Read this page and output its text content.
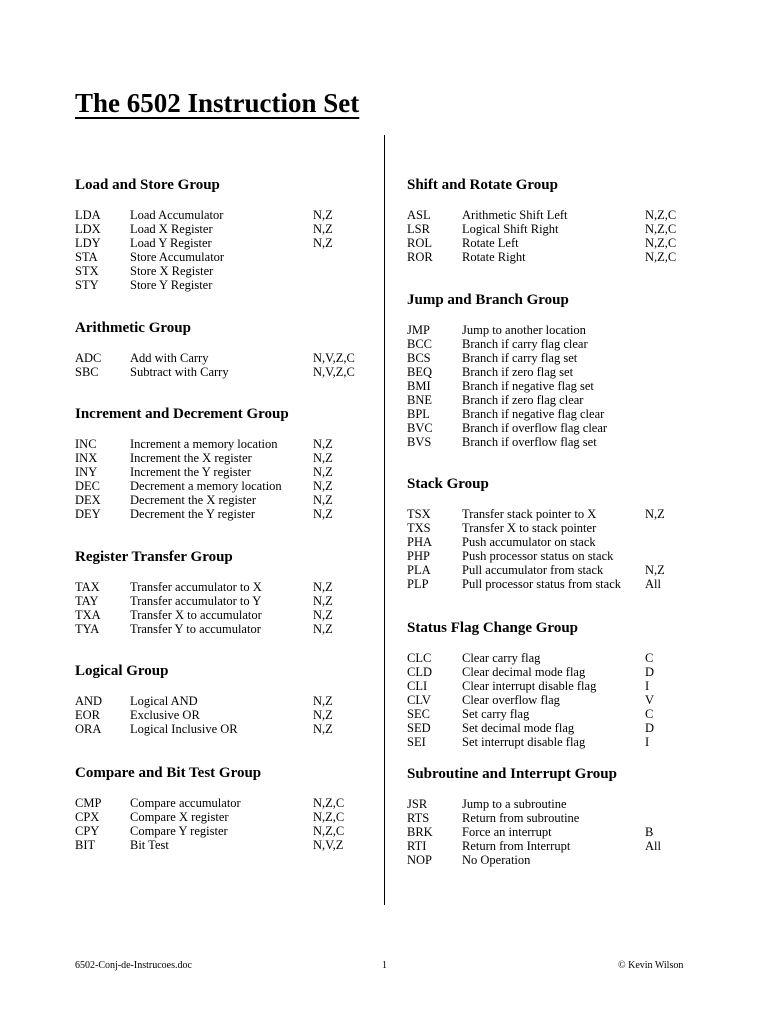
The 6502 Instruction Set
Load and Store Group
LDA	Load Accumulator	N,Z
LDX	Load X Register	N,Z
LDY	Load Y Register	N,Z
STA	Store Accumulator
STX	Store X Register
STY	Store Y Register
Arithmetic Group
ADC	Add with Carry	N,V,Z,C
SBC	Subtract with Carry	N,V,Z,C
Increment and Decrement Group
INC	Increment a memory location	N,Z
INX	Increment the X register	N,Z
INY	Increment the Y register	N,Z
DEC	Decrement a memory location	N,Z
DEX	Decrement the X register	N,Z
DEY	Decrement the Y register	N,Z
Register Transfer Group
TAX	Transfer accumulator to X	N,Z
TAY	Transfer accumulator to Y	N,Z
TXA	Transfer X to accumulator	N,Z
TYA	Transfer Y to accumulator	N,Z
Logical Group
AND	Logical AND	N,Z
EOR	Exclusive OR	N,Z
ORA	Logical Inclusive OR	N,Z
Compare and Bit Test Group
CMP	Compare accumulator	N,Z,C
CPX	Compare X register	N,Z,C
CPY	Compare Y register	N,Z,C
BIT	Bit Test	N,V,Z
Shift and Rotate Group
ASL	Arithmetic Shift Left	N,Z,C
LSR	Logical Shift Right	N,Z,C
ROL	Rotate Left	N,Z,C
ROR	Rotate Right	N,Z,C
Jump and Branch Group
JMP	Jump to another location
BCC	Branch if carry flag clear
BCS	Branch if carry flag set
BEQ	Branch if zero flag set
BMI	Branch if negative flag set
BNE	Branch if zero flag clear
BPL	Branch if negative flag clear
BVC	Branch if overflow flag clear
BVS	Branch if overflow flag set
Stack Group
TSX	Transfer stack pointer to X	N,Z
TXS	Transfer X to stack pointer
PHA	Push accumulator on stack
PHP	Push processor status on stack
PLA	Pull accumulator from stack	N,Z
PLP	Pull processor status from stack	All
Status Flag Change Group
CLC	Clear carry flag	C
CLD	Clear decimal mode flag	D
CLI	Clear interrupt disable flag	I
CLV	Clear overflow flag	V
SEC	Set carry flag	C
SED	Set decimal mode flag	D
SEI	Set interrupt disable flag	I
Subroutine and Interrupt Group
JSR	Jump to a subroutine
RTS	Return from subroutine
BRK	Force an interrupt	B
RTI	Return from Interrupt	All
NOP	No Operation
6502-Conj-de-Instrucoes.doc	1	© Kevin Wilson
